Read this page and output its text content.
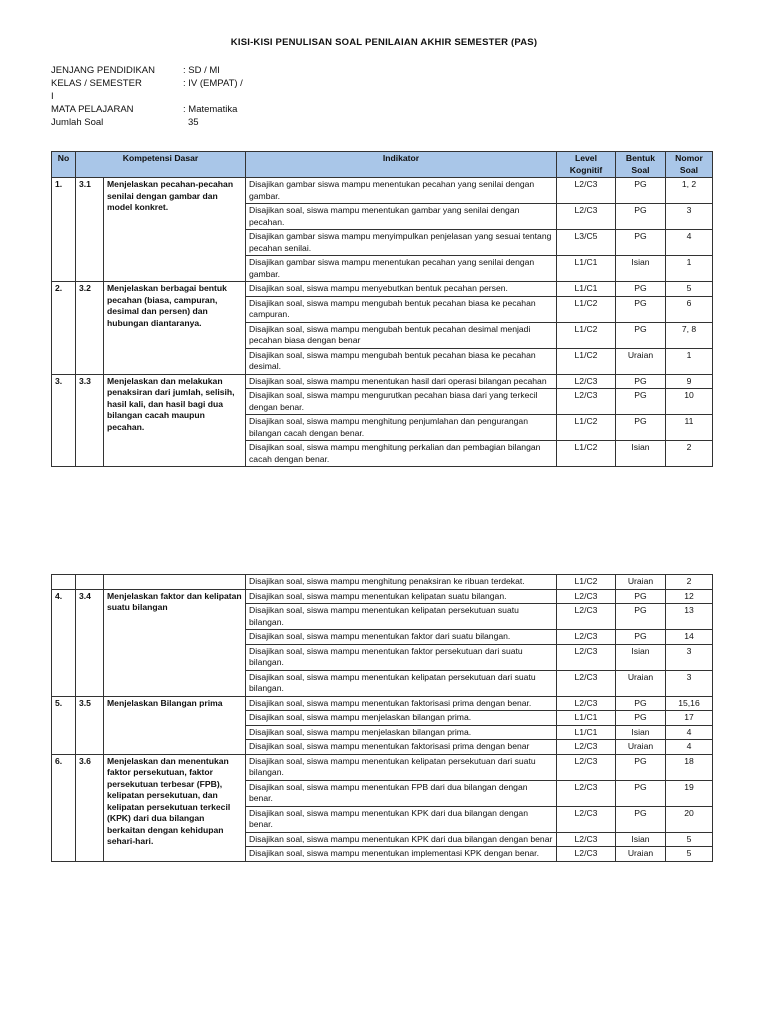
KISI-KISI PENULISAN SOAL PENILAIAN AKHIR SEMESTER (PAS)
JENJANG PENDIDIKAN	: SD / MI
KELAS / SEMESTER	: IV (EMPAT) /
I
MATA PELAJARAN	: Matematika
Jumlah Soal	35
No	Kompetensi Dasar		Indikator	Level Kognitif	Bentuk Soal	Nomor Soal
1.	3.1	Menjelaskan pecahan-pecahan senilai dengan gambar dan model konkret.	Disajikan gambar siswa mampu menentukan pecahan yang senilai dengan gambar.	L2/C3	PG	1, 2
			Disajikan soal, siswa mampu menentukan gambar yang senilai dengan pecahan.	L2/C3	PG	3
			Disajikan gambar siswa mampu menyimpulkan penjelasan yang sesuai tentang pecahan senilai.	L3/C5	PG	4
			Disajikan gambar siswa mampu menentukan pecahan yang senilai dengan gambar.	L1/C1	Isian	1
2.	3.2	Menjelaskan berbagai bentuk pecahan (biasa, campuran, desimal dan persen) dan hubungan diantaranya.	Disajikan soal, siswa mampu menyebutkan bentuk pecahan persen.	L1/C1	PG	5
			Disajikan soal, siswa mampu mengubah bentuk pecahan biasa ke pecahan campuran.	L1/C2	PG	6
			Disajikan soal, siswa mampu mengubah bentuk pecahan desimal menjadi pecahan biasa dengan benar	L1/C2	PG	7, 8
			Disajikan soal, siswa mampu mengubah bentuk pecahan biasa ke pecahan desimal.	L1/C2	Uraian	1
3.	3.3	Menjelaskan dan melakukan penaksiran dari jumlah, selisih, hasil kali, dan hasil bagi dua bilangan cacah maupun pecahan.	Disajikan soal, siswa mampu menentukan hasil dari operasi bilangan pecahan	L2/C3	PG	9
			Disajikan soal, siswa mampu mengurutkan pecahan biasa dari yang terkecil dengan benar.	L2/C3	PG	10
			Disajikan soal, siswa mampu menghitung penjumlahan dan pengurangan bilangan cacah dengan benar.	L1/C2	PG	11
			Disajikan soal, siswa mampu menghitung perkalian dan pembagian bilangan cacah dengan benar.	L1/C2	Isian	2
			Disajikan soal, siswa mampu menghitung penaksiran ke ribuan terdekat.	L1/C2	Uraian	2
4.	3.4	Menjelaskan faktor dan kelipatan suatu bilangan	Disajikan soal, siswa mampu menentukan kelipatan suatu bilangan.	L2/C3	PG	12
			Disajikan soal, siswa mampu menentukan kelipatan persekutuan suatu bilangan.	L2/C3	PG	13
			Disajikan soal, siswa mampu menentukan faktor dari suatu bilangan.	L2/C3	PG	14
			Disajikan soal, siswa mampu menentukan faktor persekutuan dari suatu bilangan.	L2/C3	Isian	3
			Disajikan soal, siswa mampu menentukan kelipatan persekutuan dari suatu bilangan.	L2/C3	Uraian	3
5.	3.5	Menjelaskan Bilangan prima	Disajikan soal, siswa mampu menentukan faktorisasi prima dengan benar.	L2/C3	PG	15,16
			Disajikan soal, siswa mampu menjelaskan bilangan prima.	L1/C1	PG	17
			Disajikan soal, siswa mampu menjelaskan bilangan prima.	L1/C1	Isian	4
			Disajikan soal, siswa mampu menentukan faktorisasi prima dengan benar	L2/C3	Uraian	4
6.	3.6	Menjelaskan dan menentukan faktor persekutuan, faktor persekutuan terbesar (FPB), kelipatan persekutuan, dan kelipatan persekutuan terkecil (KPK) dari dua bilangan berkaitan dengan kehidupan sehari-hari.	Disajikan soal, siswa mampu menentukan kelipatan persekutuan dari suatu bilangan.	L2/C3	PG	18
			Disajikan soal, siswa mampu menentukan FPB dari dua bilangan dengan benar.	L2/C3	PG	19
			Disajikan soal, siswa mampu menentukan KPK dari dua bilangan dengan benar.	L2/C3	PG	20
			Disajikan soal, siswa mampu menentukan KPK dari dua bilangan dengan benar	L2/C3	Isian	5
			Disajikan soal, siswa mampu menentukan implementasi KPK dengan benar.	L2/C3	Uraian	5
